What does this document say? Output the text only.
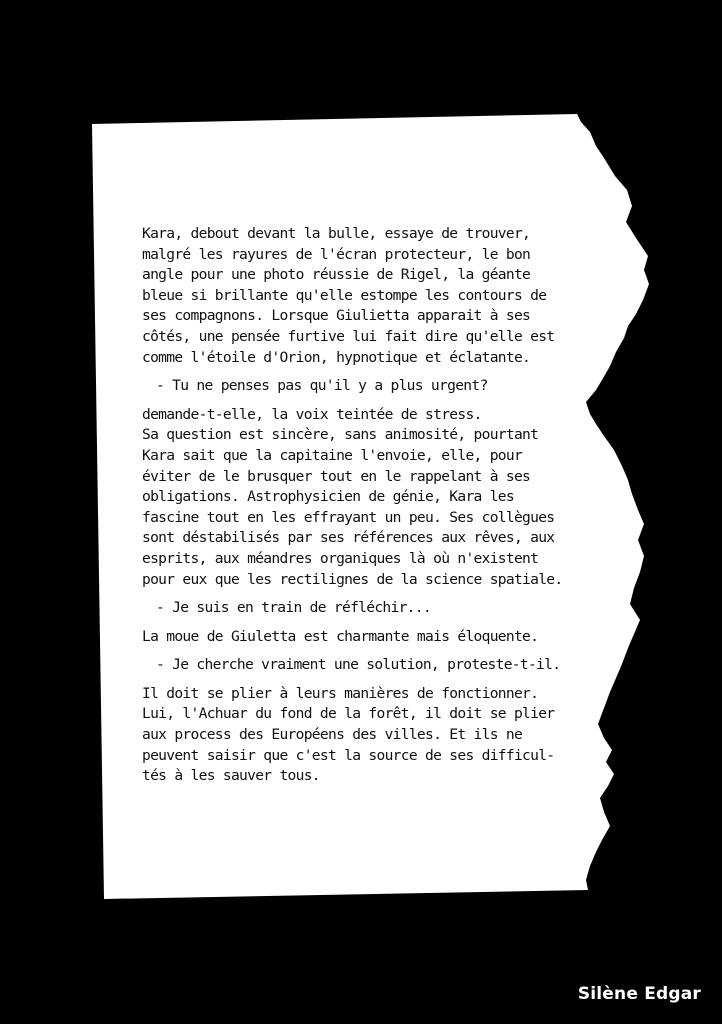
Kara, debout devant la bulle, essaye de trouver,
malgré les rayures de l'écran protecteur, le bon
angle pour une photo réussie de Rigel, la géante
bleue si brillante qu'elle estompe les contours de
ses compagnons. Lorsque Giulietta apparait à ses
côtés, une pensée furtive lui fait dire qu'elle est
comme l'étoile d'Orion, hypnotique et éclatante.

- Tu ne penses pas qu'il y a plus urgent?

demande-t-elle, la voix teintée de stress.
Sa question est sincère, sans animosité, pourtant
Kara sait que la capitaine l'envoie, elle, pour
éviter de le brusquer tout en le rappelant à ses
obligations. Astrophysicien de génie, Kara les
fascine tout en les effrayant un peu. Ses collègues
sont déstabilisés par ses références aux rêves, aux
esprits, aux méandres organiques là où n'existent
pour eux que les rectilignes de la science spatiale.

- Je suis en train de réfléchir...

La moue de Giuletta est charmante mais éloquente.

- Je cherche vraiment une solution, proteste-t-il.

Il doit se plier à leurs manières de fonctionner.
Lui, l'Achuar du fond de la forêt, il doit se plier
aux process des Européens des villes. Et ils ne
peuvent saisir que c'est la source de ses difficul-
tés à les sauver tous.

Silène Edgar
